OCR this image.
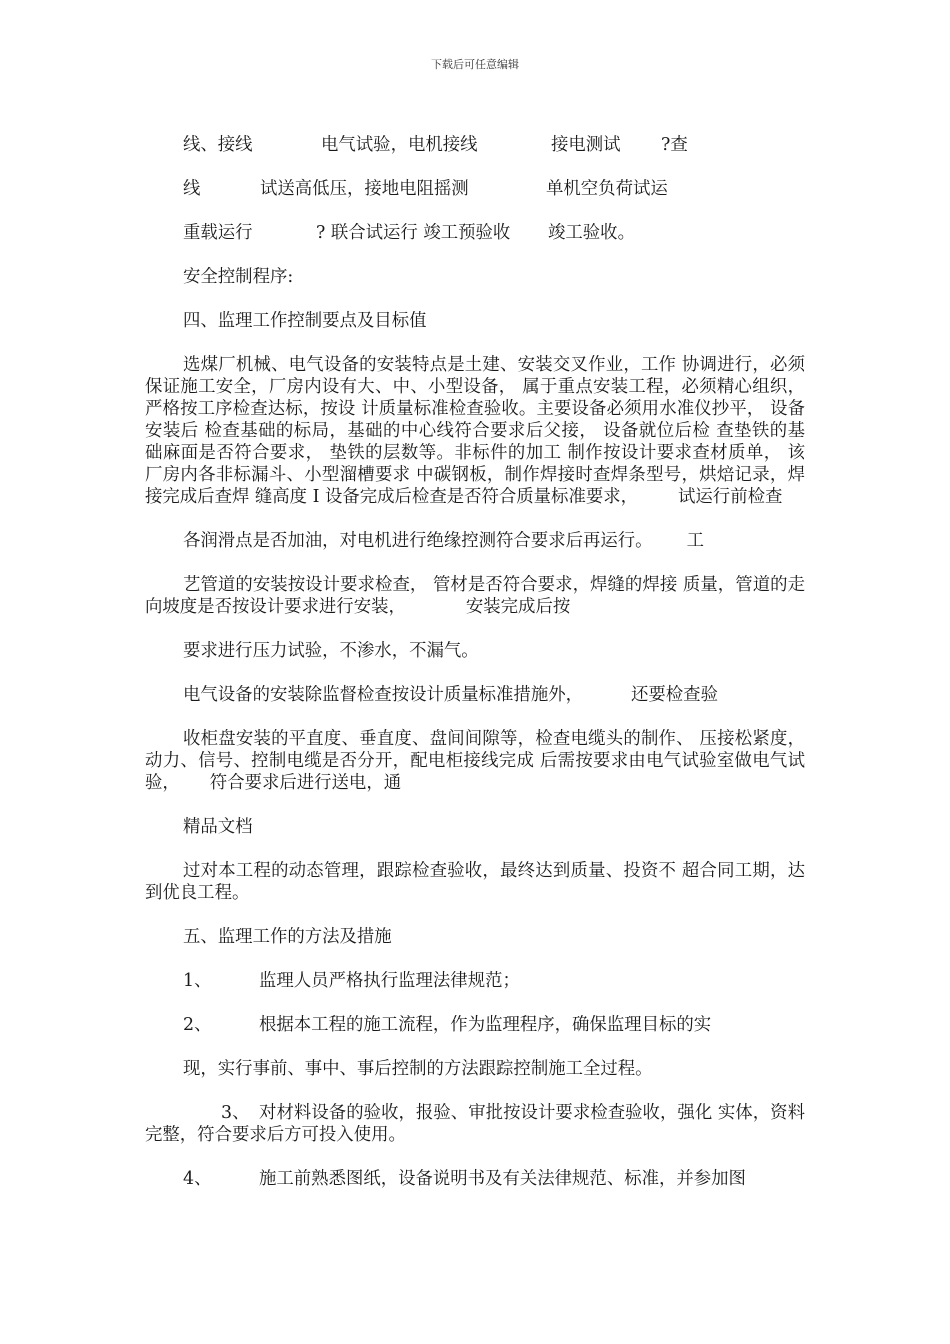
下载后可任意编辑
线、接线	电气试验，电机接线	接电测试	?查
线	试送高低压，接地电阻摇测	单机空负荷试运
重载运行	? 联合试运行 竣工预验收	竣工验收。

安全控制程序:

四、监理工作控制要点及目标值

选煤厂机械、电气设备的安装特点是土建、安装交叉作业，工作 协调进行，必须保证施工安全，厂房内设有大、中、小型设备， 属于重点安装工程，必须精心组织，严格按工序检查达标，按设 计质量标准检查验收。主要设备必须用水准仪抄平， 设备安装后 检查基础的标局，基础的中心线符合要求后父接， 设备就位后检 查垫铁的基础麻面是否符合要求， 垫铁的层数等。非标件的加工 制作按设计要求查材质单， 该厂房内各非标漏斗、小型溜槽要求 中碳钢板，制作焊接时查焊条型号，烘焙记录，焊接完成后查焊 缝高度 I 设备完成后检查是否符合质量标准要求， 试运行前检查

各润滑点是否加油，对电机进行绝缘控测符合要求后再运行。 工

艺管道的安装按设计要求检查， 管材是否符合要求，焊缝的焊接 质量，管道的走向坡度是否按设计要求进行安装，	安装完成后按

要求进行压力试验，不渗水，不漏气。

电气设备的安装除监督检查按设计质量标准措施外，	还要检查验

收柜盘安装的平直度、垂直度、盘间间隙等，检查电缆头的制作、 压接松紧度，动力、信号、控制电缆是否分开，配电柜接线完成 后需按要求由电气试验室做电气试验， 符合要求后进行送电，通

精品文档

过对本工程的动态管理，跟踪检查验收，最终达到质量、投资不 超合同工期，达到优良工程。

五、监理工作的方法及措施

1、	监理人员严格执行监理法律规范；

2、	根据本工程的施工流程，作为监理程序，确保监理目标的实

现，实行事前、事中、事后控制的方法跟踪控制施工全过程。

3、 对材料设备的验收，报验、审批按设计要求检查验收，强化 实体，资料完整，符合要求后方可投入使用。

4、	施工前熟悉图纸，设备说明书及有关法律规范、标准，并参加图
